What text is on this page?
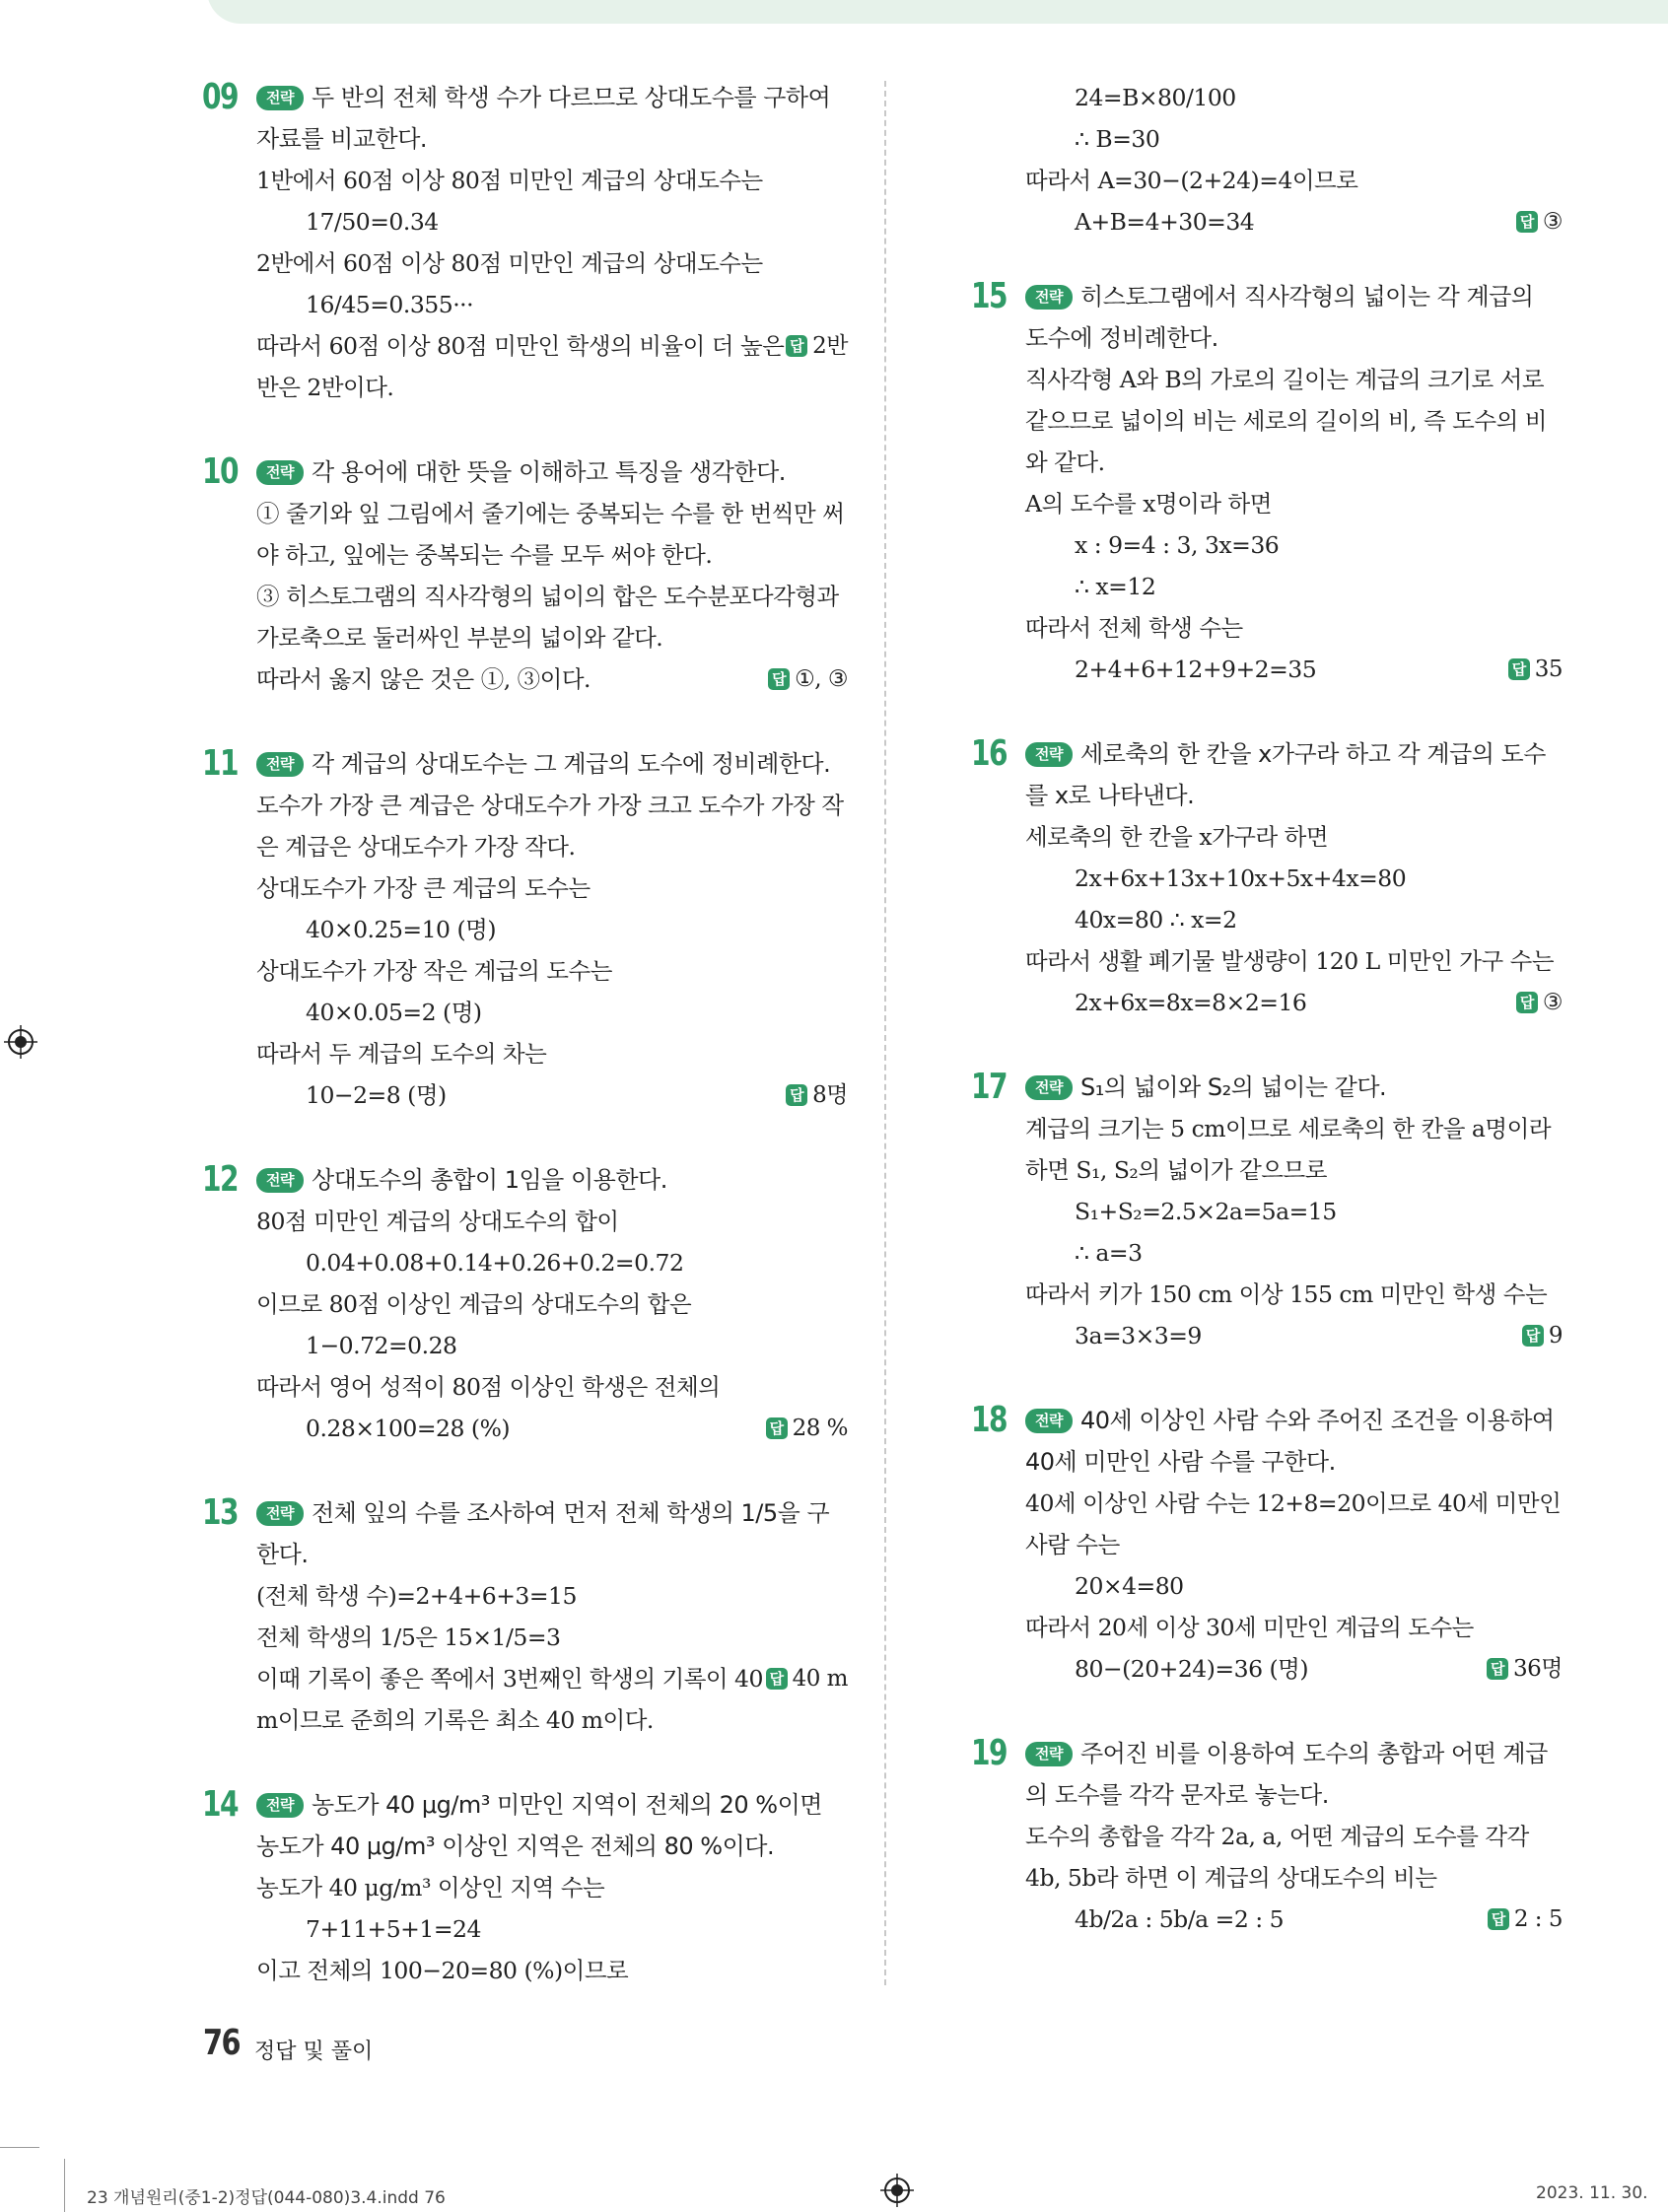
09	전략 두 반의 전체 학생 수가 다르므로 상대도수를 구하여 자료를 비교한다.
1반에서 60점 이상 80점 미만인 계급의 상대도수는
17/50=0.34
2반에서 60점 이상 80점 미만인 계급의 상대도수는
16/45=0.355···
답 2반
따라서 60점 이상 80점 미만인 학생의 비율이 더 높은 반은 2반이다.
10	전략 각 용어에 대한 뜻을 이해하고 특징을 생각한다.
① 줄기와 잎 그림에서 줄기에는 중복되는 수를 한 번씩만 써야 하고, 잎에는 중복되는 수를 모두 써야 한다.
③ 히스토그램의 직사각형의 넓이의 합은 도수분포다각형과 가로축으로 둘러싸인 부분의 넓이와 같다.
답 ①, ③
따라서 옳지 않은 것은 ①, ③이다.
11	전략 각 계급의 상대도수는 그 계급의 도수에 정비례한다.
도수가 가장 큰 계급은 상대도수가 가장 크고 도수가 가장 작은 계급은 상대도수가 가장 작다.
상대도수가 가장 큰 계급의 도수는
40×0.25=10 (명)
상대도수가 가장 작은 계급의 도수는
40×0.05=2 (명)
따라서 두 계급의 도수의 차는
답 8명
10−2=8 (명)
12	전략 상대도수의 총합이 1임을 이용한다.
80점 미만인 계급의 상대도수의 합이
0.04+0.08+0.14+0.26+0.2=0.72
이므로 80점 이상인 계급의 상대도수의 합은
1−0.72=0.28
따라서 영어 성적이 80점 이상인 학생은 전체의
답 28 %
0.28×100=28 (%)
13	전략 전체 잎의 수를 조사하여 먼저 전체 학생의 1/5을 구한다.
(전체 학생 수)=2+4+6+3=15
전체 학생의 1/5은 15×1/5=3
답 40 m
이때 기록이 좋은 쪽에서 3번째인 학생의 기록이 40 m이므로 준희의 기록은 최소 40 m이다.
14	전략 농도가 40 μg/m³ 미만인 지역이 전체의 20 %이면 농도가 40 μg/m³ 이상인 지역은 전체의 80 %이다.
농도가 40 μg/m³ 이상인 지역 수는
7+11+5+1=24
이고 전체의 100−20=80 (%)이므로
24=B×80/100
∴ B=30
따라서 A=30−(2+24)=4이므로
답 ③
A+B=4+30=34
15	전략 히스토그램에서 직사각형의 넓이는 각 계급의 도수에 정비례한다.
직사각형 A와 B의 가로의 길이는 계급의 크기로 서로 같으므로 넓이의 비는 세로의 길이의 비, 즉 도수의 비와 같다.
A의 도수를 x명이라 하면
x : 9=4 : 3, 3x=36
∴ x=12
따라서 전체 학생 수는
답 35
2+4+6+12+9+2=35
16	전략 세로축의 한 칸을 x가구라 하고 각 계급의 도수를 x로 나타낸다.
세로축의 한 칸을 x가구라 하면
2x+6x+13x+10x+5x+4x=80
40x=80 ∴ x=2
따라서 생활 폐기물 발생량이 120 L 미만인 가구 수는
답 ③
2x+6x=8x=8×2=16
17	전략 S₁의 넓이와 S₂의 넓이는 같다.
계급의 크기는 5 cm이므로 세로축의 한 칸을 a명이라 하면 S₁, S₂의 넓이가 같으므로
S₁+S₂=2.5×2a=5a=15
∴ a=3
따라서 키가 150 cm 이상 155 cm 미만인 학생 수는
답 9
3a=3×3=9
18	전략 40세 이상인 사람 수와 주어진 조건을 이용하여 40세 미만인 사람 수를 구한다.
40세 이상인 사람 수는 12+8=20이므로 40세 미만인 사람 수는
20×4=80
따라서 20세 이상 30세 미만인 계급의 도수는
답 36명
80−(20+24)=36 (명)
19	전략 주어진 비를 이용하여 도수의 총합과 어떤 계급의 도수를 각각 문자로 놓는다.
도수의 총합을 각각 2a, a, 어떤 계급의 도수를 각각 4b, 5b라 하면 이 계급의 상대도수의 비는
답 2 : 5
4b/2a : 5b/a =2 : 5
76 정답 및 풀이
23 개념원리(중1-2)정답(044-080)3.4.indd 76	2023. 11. 30.
